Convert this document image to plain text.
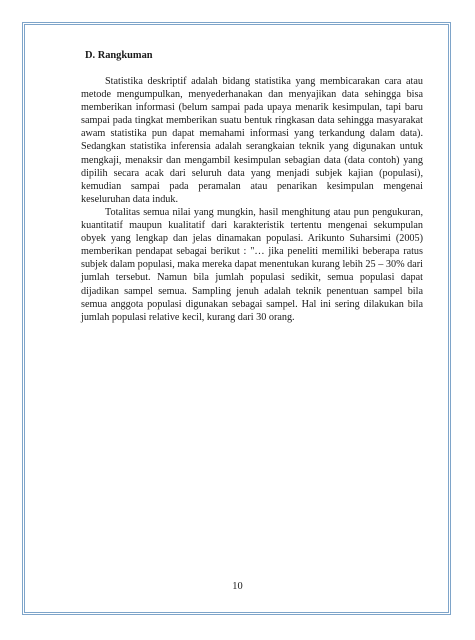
D. Rangkuman

Statistika deskriptif adalah bidang statistika yang membicarakan cara atau metode mengumpulkan, menyederhanakan dan menyajikan data sehingga bisa memberikan informasi (belum sampai pada upaya menarik kesimpulan, tapi baru sampai pada tingkat memberikan suatu bentuk ringkasan data sehingga masyarakat awam statistika pun dapat memahami informasi yang terkandung dalam data). Sedangkan statistika inferensia adalah serangkaian teknik yang digunakan untuk mengkaji, menaksir dan mengambil kesimpulan sebagian data (data contoh) yang dipilih secara acak dari seluruh data yang menjadi subjek kajian (populasi), kemudian sampai pada peramalan atau penarikan kesimpulan mengenai keseluruhan data induk.

Totalitas semua nilai yang mungkin, hasil menghitung atau pun pengukuran, kuantitatif maupun kualitatif dari karakteristik tertentu mengenai sekumpulan obyek yang lengkap dan jelas dinamakan populasi. Arikunto Suharsimi (2005) memberikan pendapat sebagai berikut : "… jika peneliti memiliki beberapa ratus subjek dalam populasi, maka mereka dapat menentukan kurang lebih 25 – 30% dari jumlah tersebut. Namun bila jumlah populasi sedikit, semua populasi dapat dijadikan sampel semua. Sampling jenuh adalah teknik penentuan sampel bila semua anggota populasi digunakan sebagai sampel. Hal ini sering dilakukan bila jumlah populasi relative kecil, kurang dari 30 orang.

10
